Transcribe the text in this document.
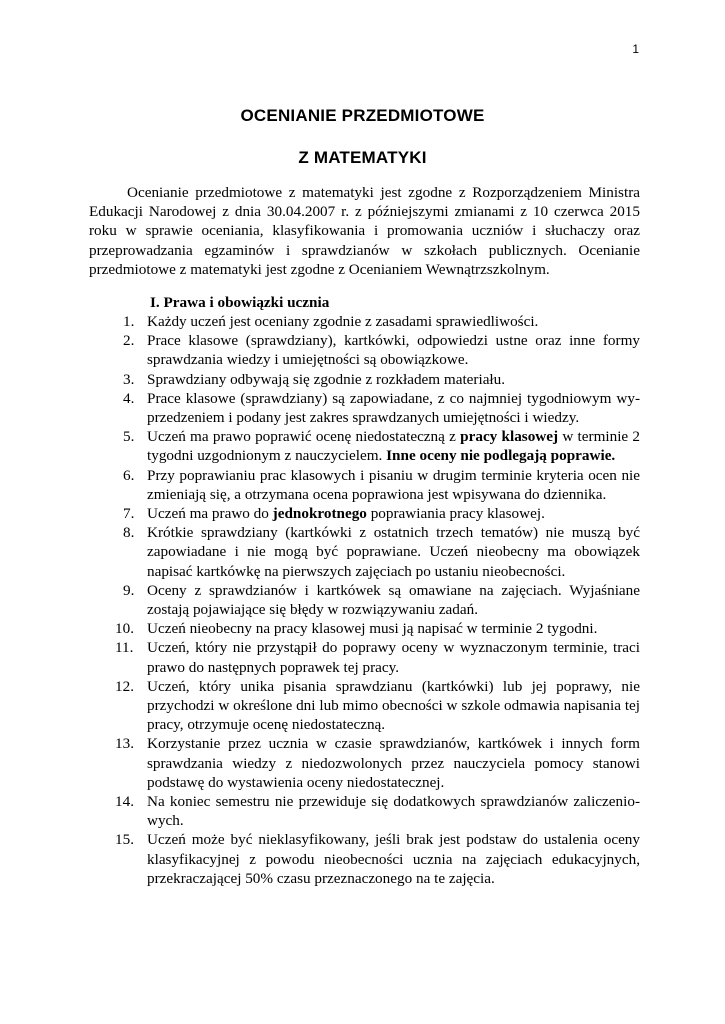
1
OCENIANIE PRZEDMIOTOWE
Z MATEMATYKI

Ocenianie przedmiotowe z matematyki jest zgodne z Rozporządzeniem Ministra Edukacji Narodowej z dnia 30.04.2007 r. z późniejszymi zmianami z 10 czerwca 2015 roku w sprawie oceniania, klasyfikowania i promowania uczniów i słuchaczy oraz przeprowadzania egzaminów i sprawdzianów w szkołach publicznych. Ocenianie przedmiotowe z matematyki jest zgodne z Ocenianiem Wewnątrzszkolnym.

I. Prawa i obowiązki ucznia

1. Każdy uczeń jest oceniany zgodnie z zasadami sprawiedliwości.
2. Prace klasowe (sprawdziany), kartkówki, odpowiedzi ustne oraz inne formy sprawdzania wiedzy i umiejętności są obowiązkowe.
3. Sprawdziany odbywają się zgodnie z rozkładem materiału.
4. Prace klasowe (sprawdziany) są zapowiadane, z co najmniej tygodniowym wyprzedzeniem i podany jest zakres sprawdzanych umiejętności i wiedzy.
5. Uczeń ma prawo poprawić ocenę niedostateczną z pracy klasowej w terminie 2 tygodni uzgodnionym z nauczycielem. Inne oceny nie podlegają poprawie.
6. Przy poprawianiu prac klasowych i pisaniu w drugim terminie kryteria ocen nie zmieniają się, a otrzymana ocena poprawiona jest wpisywana do dziennika.
7. Uczeń ma prawo do jednokrotnego poprawiania pracy klasowej.
8. Krótkie sprawdziany (kartkówki z ostatnich trzech tematów) nie muszą być zapowiadane i nie mogą być poprawiane. Uczeń nieobecny ma obowiązek napisać kartkówkę na pierwszych zajęciach po ustaniu nieobecności.
9. Oceny z sprawdzianów i kartkówek są omawiane na zajęciach. Wyjaśniane zostają pojawiające się błędy w rozwiązywaniu zadań.
10. Uczeń nieobecny na pracy klasowej musi ją napisać w terminie 2 tygodni.
11. Uczeń, który nie przystąpił do poprawy oceny w wyznaczonym terminie, traci prawo do następnych poprawek tej pracy.
12. Uczeń, który unika pisania sprawdzianu (kartkówki) lub jej poprawy, nie przychodzi w określone dni lub mimo obecności w szkole odmawia napisania tej pracy, otrzymuje ocenę niedostateczną.
13. Korzystanie przez ucznia w czasie sprawdzianów, kartkówek i innych form sprawdzania wiedzy z niedozwolonych przez nauczyciela pomocy stanowi podstawę do wystawienia oceny niedostatecznej.
14. Na koniec semestru nie przewiduje się dodatkowych sprawdzianów zaliczeniowych.
15. Uczeń może być nieklasyfikowany, jeśli brak jest podstaw do ustalenia oceny klasyfikacyjnej z powodu nieobecności ucznia na zajęciach edukacyjnych, przekraczającej 50% czasu przeznaczonego na te zajęcia.
